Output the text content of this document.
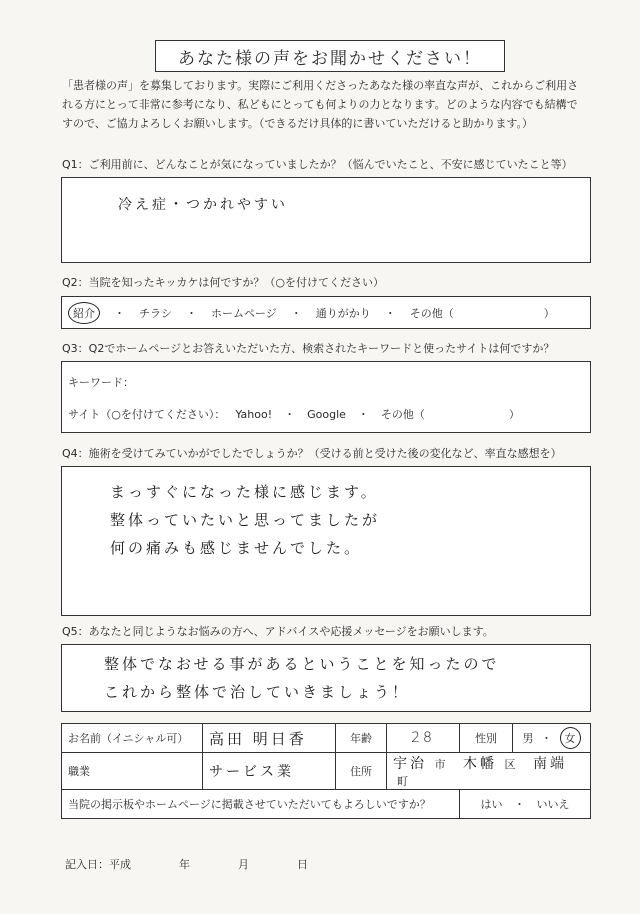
あなた様の声をお聞かせください！
「患者様の声」を募集しております。実際にご利用くださったあなた様の率直な声が、これからご利用される方にとって非常に参考になり、私どもにとっても何よりの力となります。どのような内容でも結構ですので、ご協力よろしくお願いします。（できるだけ具体的に書いていただけると助かります。）
Q1：ご利用前に、どんなことが気になっていましたか？（悩んでいたこと、不安に感じていたこと等）
冷え症・つかれやすい
Q2：当院を知ったキッカケは何ですか？（○を付けてください）
紹介	・ チラシ ・ ホームページ ・ 通りがかり ・ その他（	）
Q3：Q2でホームページとお答えいただいた方、検索されたキーワードと使ったサイトは何ですか？
キーワード：
サイト（○を付けてください）： Yahoo! ・ Google ・ その他（	）
Q4：施術を受けてみていかがでしたでしょうか？（受ける前と受けた後の変化など、率直な感想を）
まっすぐになった様に感じます。
整体っていたいと思ってましたが
何の痛みも感じませんでした。
Q5：あなたと同じようなお悩みの方へ、アドバイスや応援メッセージをお願いします。
整体でなおせる事があるということを知ったので
これから整体で治していきましょう！
お名前（イニシャル可）	高田 明日香	年齢	28	性別	男 ・ 女
職業	サービス業	住所	宇治 市 木幡 区 南端 町		
当院の掲示板やホームページに掲載させていただいてもよろしいですか？				はい ・ いいえ	
記入日：平成	年	月	日
